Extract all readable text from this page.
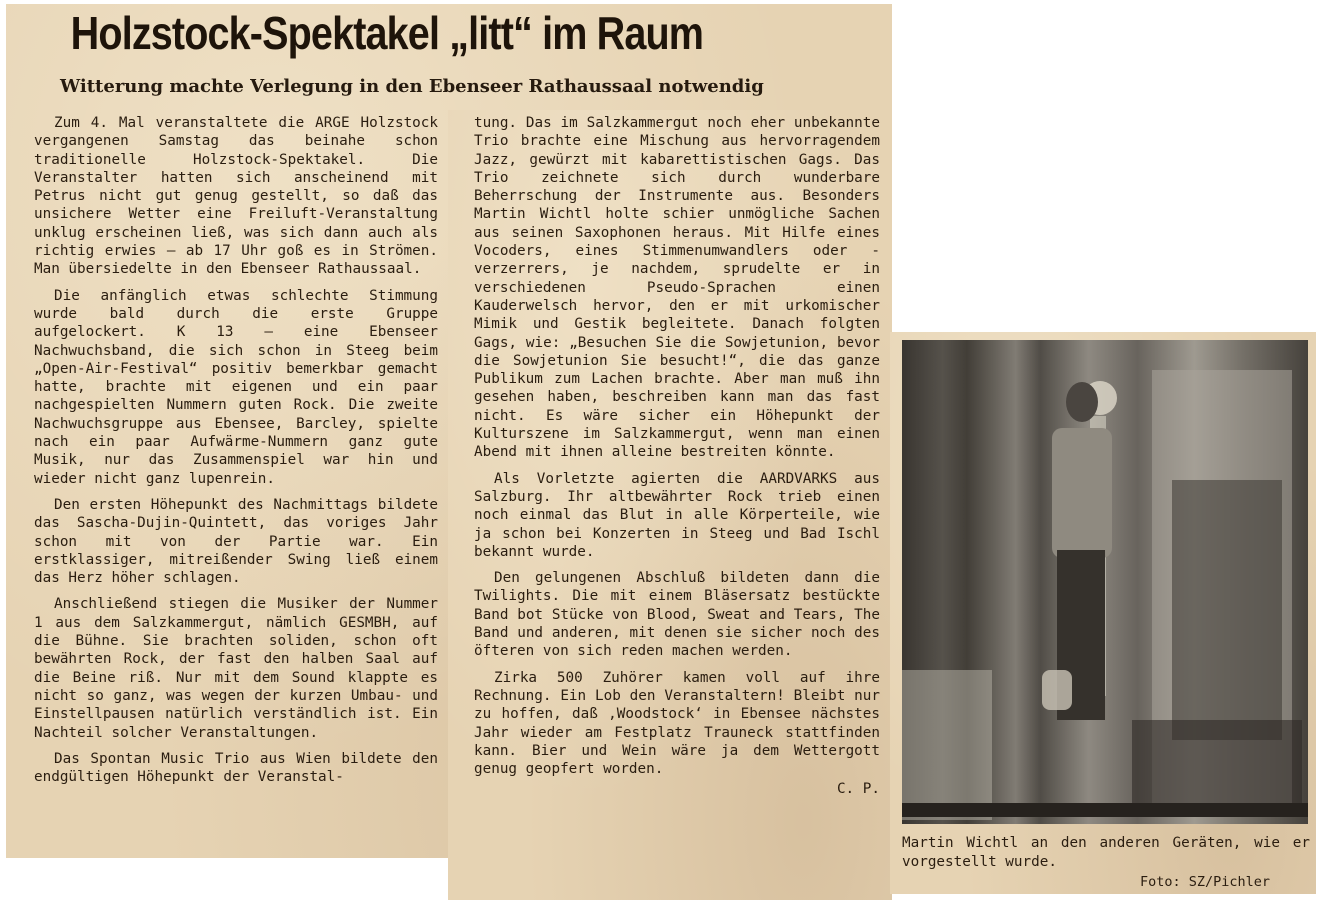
Holzstock-Spektakel „litt“ im Raum
Witterung machte Verlegung in den Ebenseer Rathaussaal notwendig

Zum 4. Mal veranstaltete die ARGE Holzstock vergangenen Samstag das beinahe schon traditionelle Holzstock-Spektakel. Die Veranstalter hatten sich anscheinend mit Petrus nicht gut genug gestellt, so daß das unsichere Wetter eine Freiluft-Veranstaltung unklug erscheinen ließ, was sich dann auch als richtig erwies — ab 17 Uhr goß es in Strömen. Man übersiedelte in den Ebenseer Rathaussaal.

Die anfänglich etwas schlechte Stimmung wurde bald durch die erste Gruppe aufgelockert. K 13 — eine Ebenseer Nachwuchsband, die sich schon in Steeg beim „Open-Air-Festival“ positiv bemerkbar gemacht hatte, brachte mit eigenen und ein paar nachgespielten Nummern guten Rock. Die zweite Nachwuchsgruppe aus Ebensee, Barcley, spielte nach ein paar Aufwärme-Nummern ganz gute Musik, nur das Zusammenspiel war hin und wieder nicht ganz lupenrein.

Den ersten Höhepunkt des Nachmittags bildete das Sascha-Dujin-Quintett, das voriges Jahr schon mit von der Partie war. Ein erstklassiger, mitreißender Swing ließ einem das Herz höher schlagen.

Anschließend stiegen die Musiker der Nummer 1 aus dem Salzkammergut, nämlich GESMBH, auf die Bühne. Sie brachten soliden, schon oft bewährten Rock, der fast den halben Saal auf die Beine riß. Nur mit dem Sound klappte es nicht so ganz, was wegen der kurzen Umbau- und Einstellpausen natürlich verständlich ist. Ein Nachteil solcher Veranstaltungen.

Das Spontan Music Trio aus Wien bildete den endgültigen Höhepunkt der Veranstal-

tung. Das im Salzkammergut noch eher unbekannte Trio brachte eine Mischung aus hervorragendem Jazz, gewürzt mit kabarettistischen Gags. Das Trio zeichnete sich durch wunderbare Beherrschung der Instrumente aus. Besonders Martin Wichtl holte schier unmögliche Sachen aus seinen Saxophonen heraus. Mit Hilfe eines Vocoders, eines Stimmenumwandlers oder -verzerrers, je nachdem, sprudelte er in verschiedenen Pseudo-Sprachen einen Kauderwelsch hervor, den er mit urkomischer Mimik und Gestik begleitete. Danach folgten Gags, wie: „Besuchen Sie die Sowjetunion, bevor die Sowjetunion Sie besucht!“, die das ganze Publikum zum Lachen brachte. Aber man muß ihn gesehen haben, beschreiben kann man das fast nicht. Es wäre sicher ein Höhepunkt der Kulturszene im Salzkammergut, wenn man einen Abend mit ihnen alleine bestreiten könnte.

Als Vorletzte agierten die AARDVARKS aus Salzburg. Ihr altbewährter Rock trieb einen noch einmal das Blut in alle Körperteile, wie ja schon bei Konzerten in Steeg und Bad Ischl bekannt wurde.

Den gelungenen Abschluß bildeten dann die Twilights. Die mit einem Bläsersatz bestückte Band bot Stücke von Blood, Sweat and Tears, The Band und anderen, mit denen sie sicher noch des öfteren von sich reden machen werden.

Zirka 500 Zuhörer kamen voll auf ihre Rechnung. Ein Lob den Veranstaltern! Bleibt nur zu hoffen, daß ‚Woodstock‘ in Ebensee nächstes Jahr wieder am Festplatz Trauneck stattfinden kann. Bier und Wein wäre ja dem Wettergott genug geopfert worden.

C. P.
Martin Wichtl an den anderen Geräten, wie er vorgestellt wurde.
Foto: SZ/Pichler
